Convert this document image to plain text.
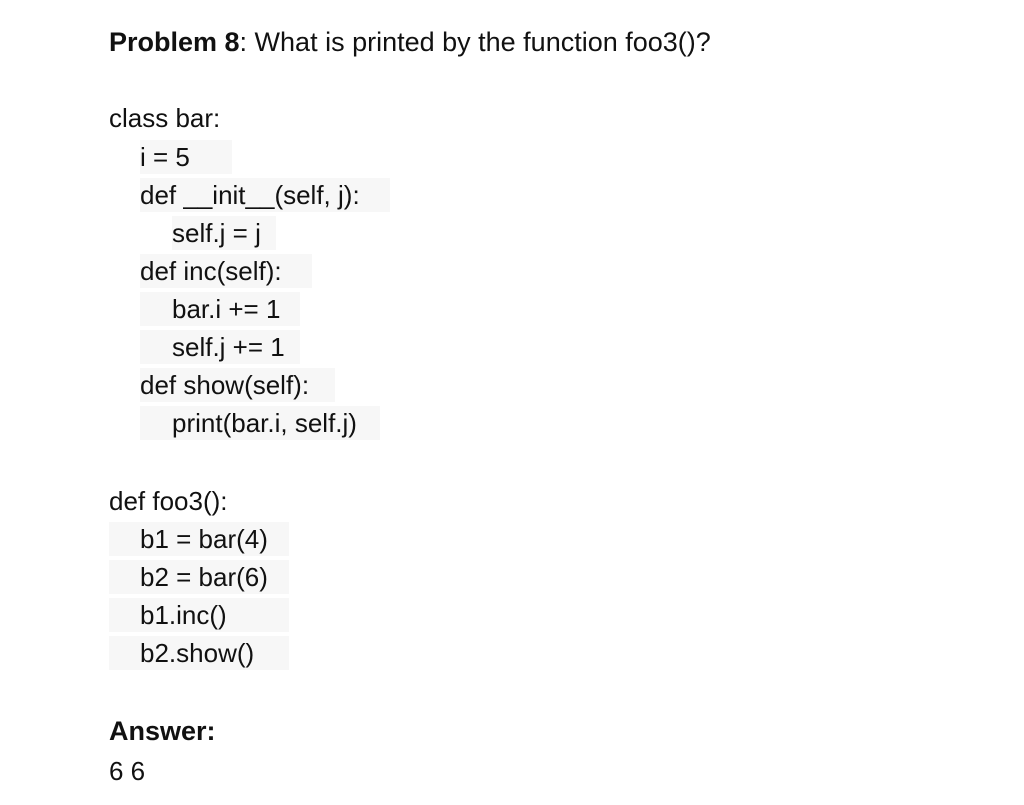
Problem 8: What is printed by the function foo3()?
class bar:
i = 5
def __init__(self, j):
self.j = j
def inc(self):
bar.i += 1
self.j += 1
def show(self):
print(bar.i, self.j)
def foo3():
b1 = bar(4)
b2 = bar(6)
b1.inc()
b2.show()
Answer:
6 6
